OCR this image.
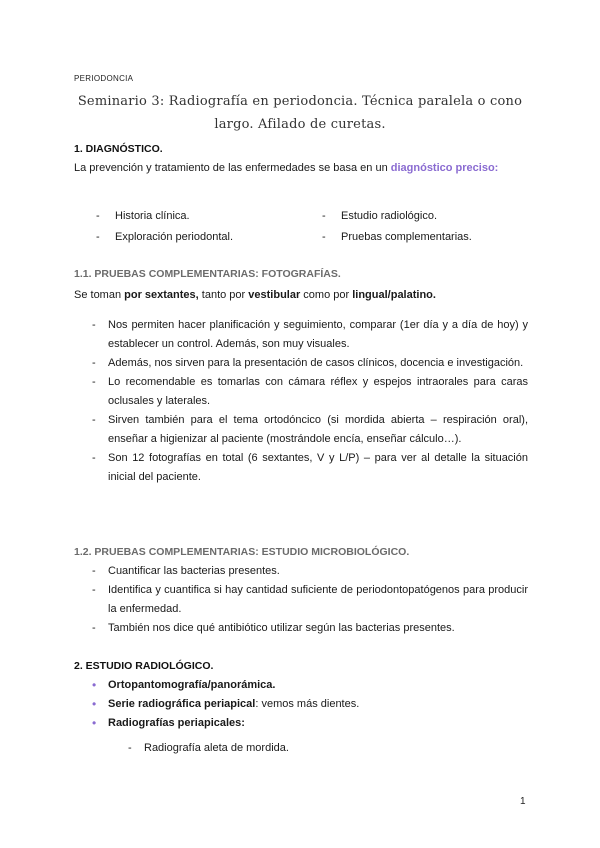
PERIODONCIA
Seminario 3: Radiografía en periodoncia. Técnica paralela o cono largo. Afilado de curetas.
1. DIAGNÓSTICO.
La prevención y tratamiento de las enfermedades se basa en un diagnóstico preciso:
- Historia clínica.
- Exploración periodontal.
- Estudio radiológico.
- Pruebas complementarias.
1.1. PRUEBAS COMPLEMENTARIAS: FOTOGRAFÍAS.
Se toman por sextantes, tanto por vestibular como por lingual/palatino.
- Nos permiten hacer planificación y seguimiento, comparar (1er día y a día de hoy) y establecer un control. Además, son muy visuales.
- Además, nos sirven para la presentación de casos clínicos, docencia e investigación.
- Lo recomendable es tomarlas con cámara réflex y espejos intraorales para caras oclusales y laterales.
- Sirven también para el tema ortodóncico (si mordida abierta – respiración oral), enseñar a higienizar al paciente (mostrándole encía, enseñar cálculo…).
- Son 12 fotografías en total (6 sextantes, V y L/P) – para ver al detalle la situación inicial del paciente.
1.2. PRUEBAS COMPLEMENTARIAS: ESTUDIO MICROBIOLÓGICO.
- Cuantificar las bacterias presentes.
- Identifica y cuantifica si hay cantidad suficiente de periodontopatógenos para producir la enfermedad.
- También nos dice qué antibiótico utilizar según las bacterias presentes.
2. ESTUDIO RADIOLÓGICO.
• Ortopantomografía/panorámica.
• Serie radiográfica periapical: vemos más dientes.
• Radiografías periapicales:
- Radiografía aleta de mordida.
1
